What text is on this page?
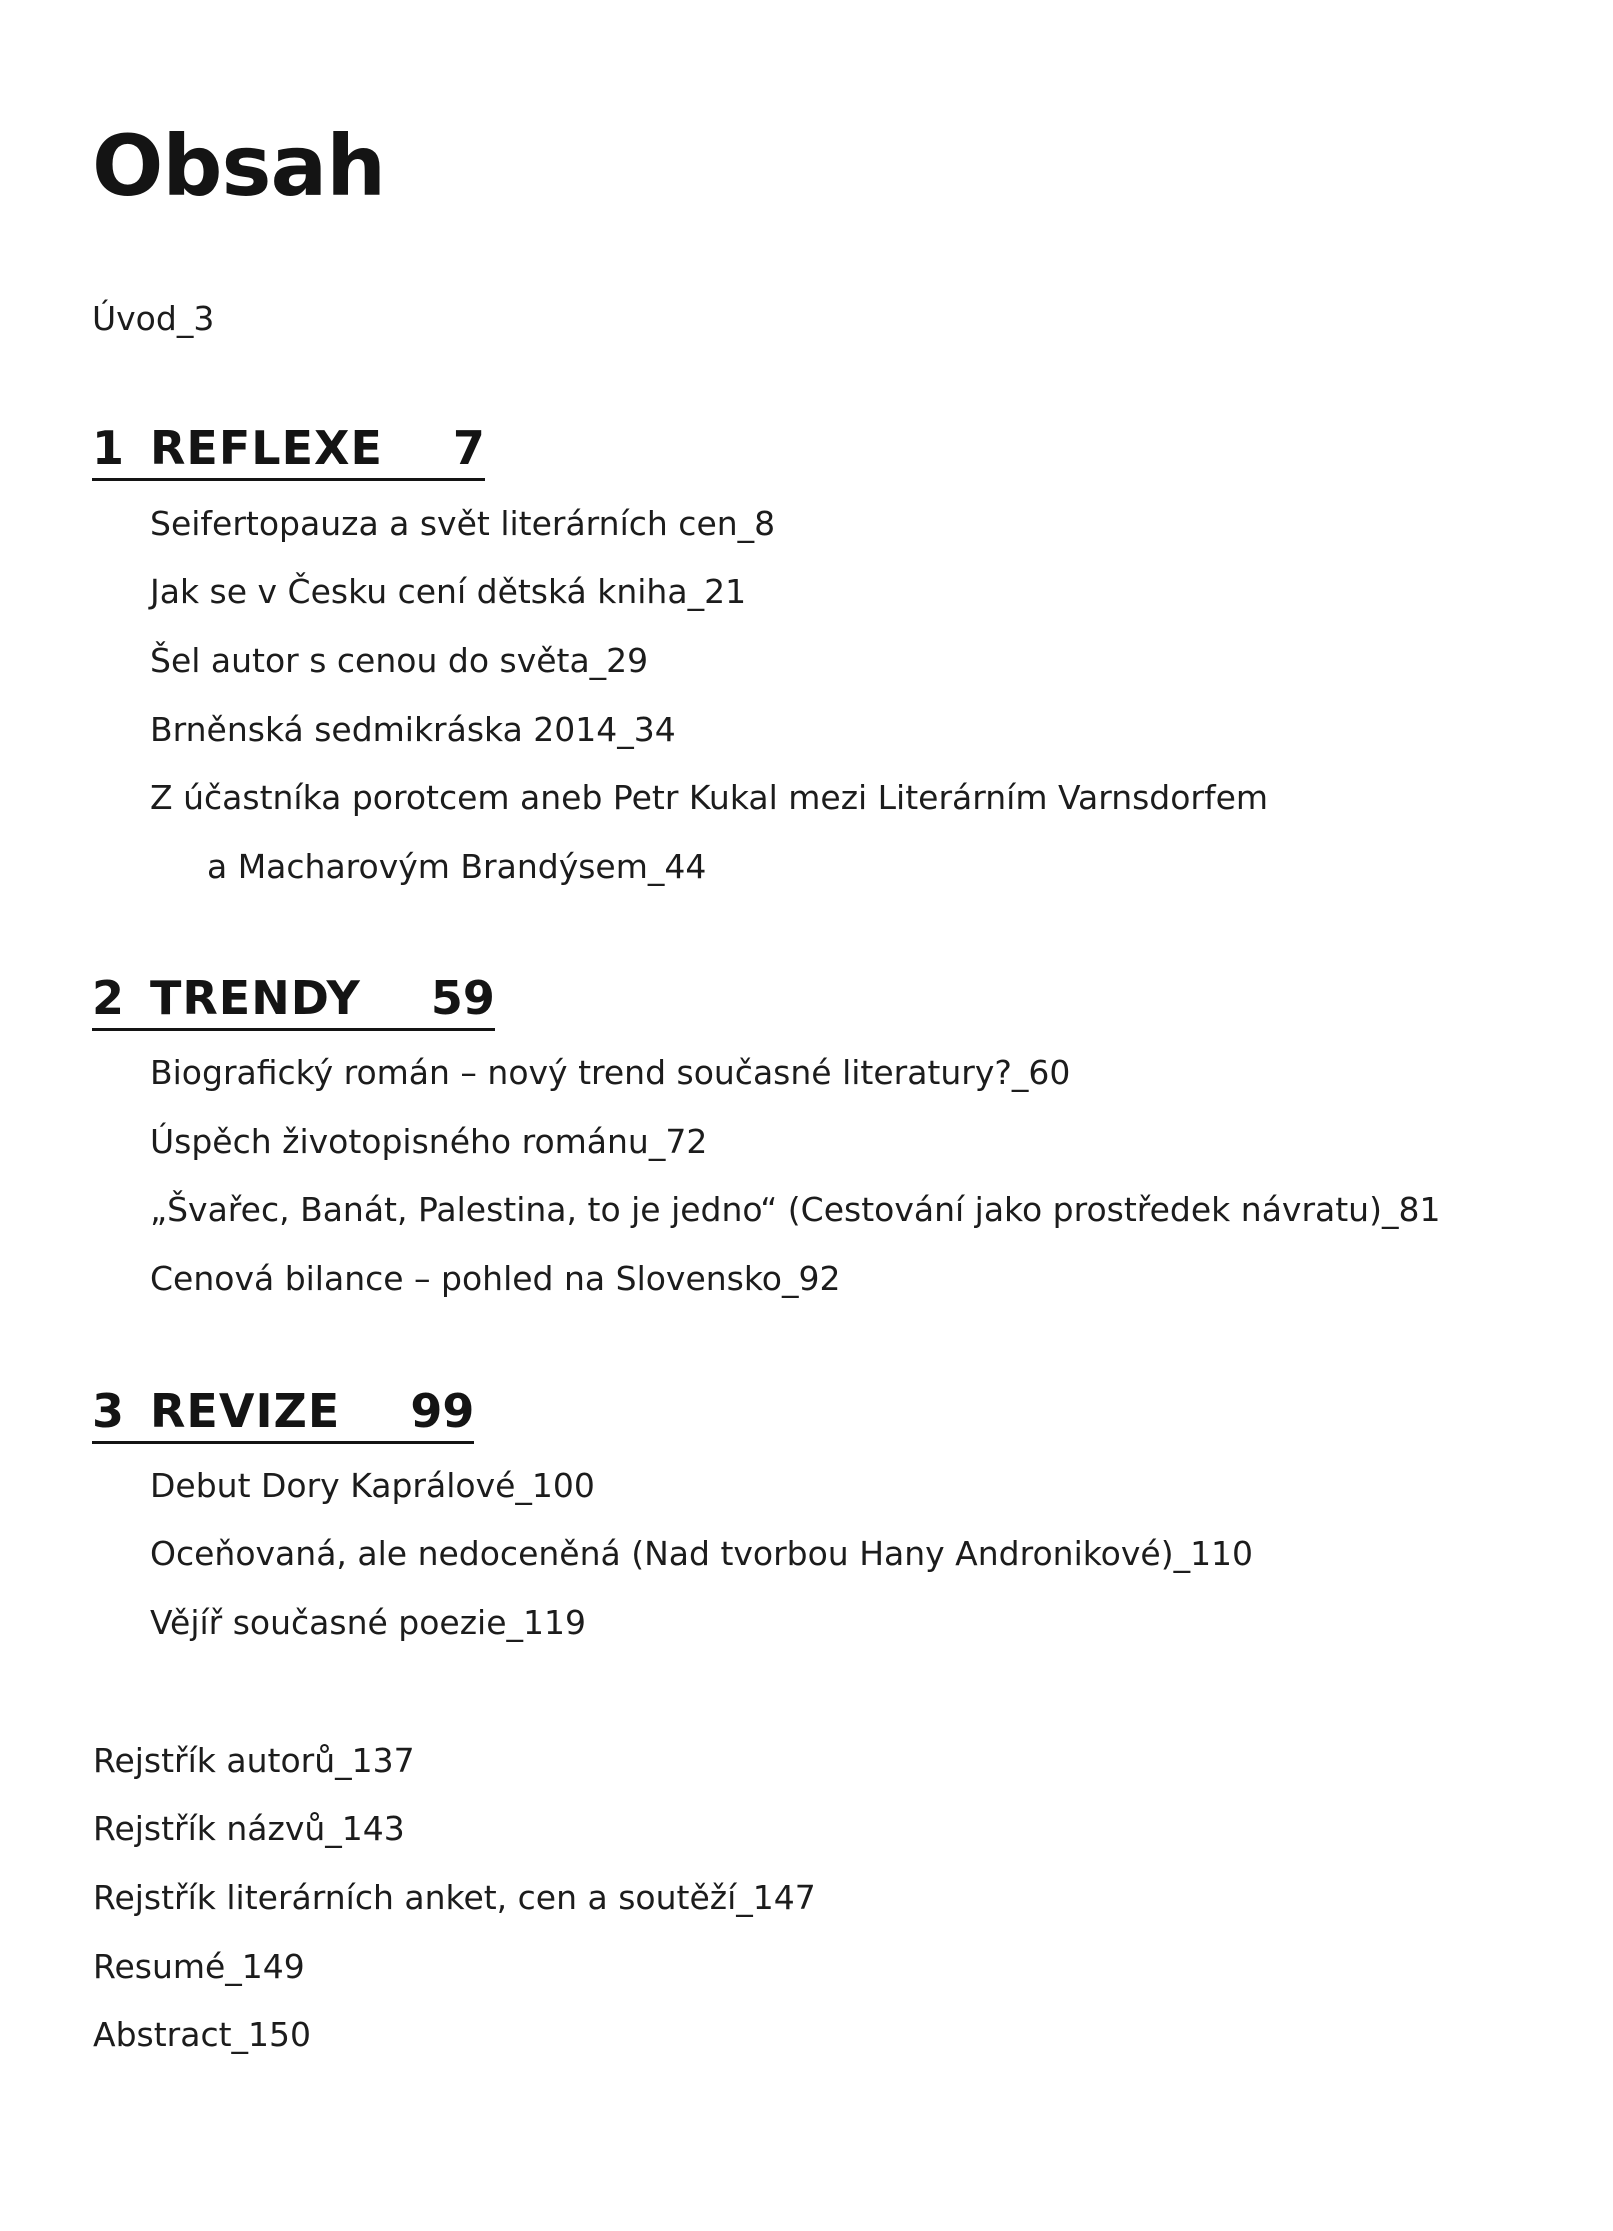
Obsah
Úvod_3
1 REFLEXE 7
Seifertopauza a svět literárních cen_8
Jak se v Česku cení dětská kniha_21
Šel autor s cenou do světa_29
Brněnská sedmikráska 2014_34
Z účastníka porotcem aneb Petr Kukal mezi Literárním Varnsdorfem
a Macharovým Brandýsem_44
2 TRENDY 59
Biografický román – nový trend současné literatury?_60
Úspěch životopisného románu_72
„Švařec, Banát, Palestina, to je jedno“ (Cestování jako prostředek návratu)_81
Cenová bilance – pohled na Slovensko_92
3 REVIZE 99
Debut Dory Kaprálové_100
Oceňovaná, ale nedoceněná (Nad tvorbou Hany Andronikové)_110
Vějíř současné poezie_119
Rejstřík autorů_137
Rejstřík názvů_143
Rejstřík literárních anket, cen a soutěží_147
Resumé_149
Abstract_150
